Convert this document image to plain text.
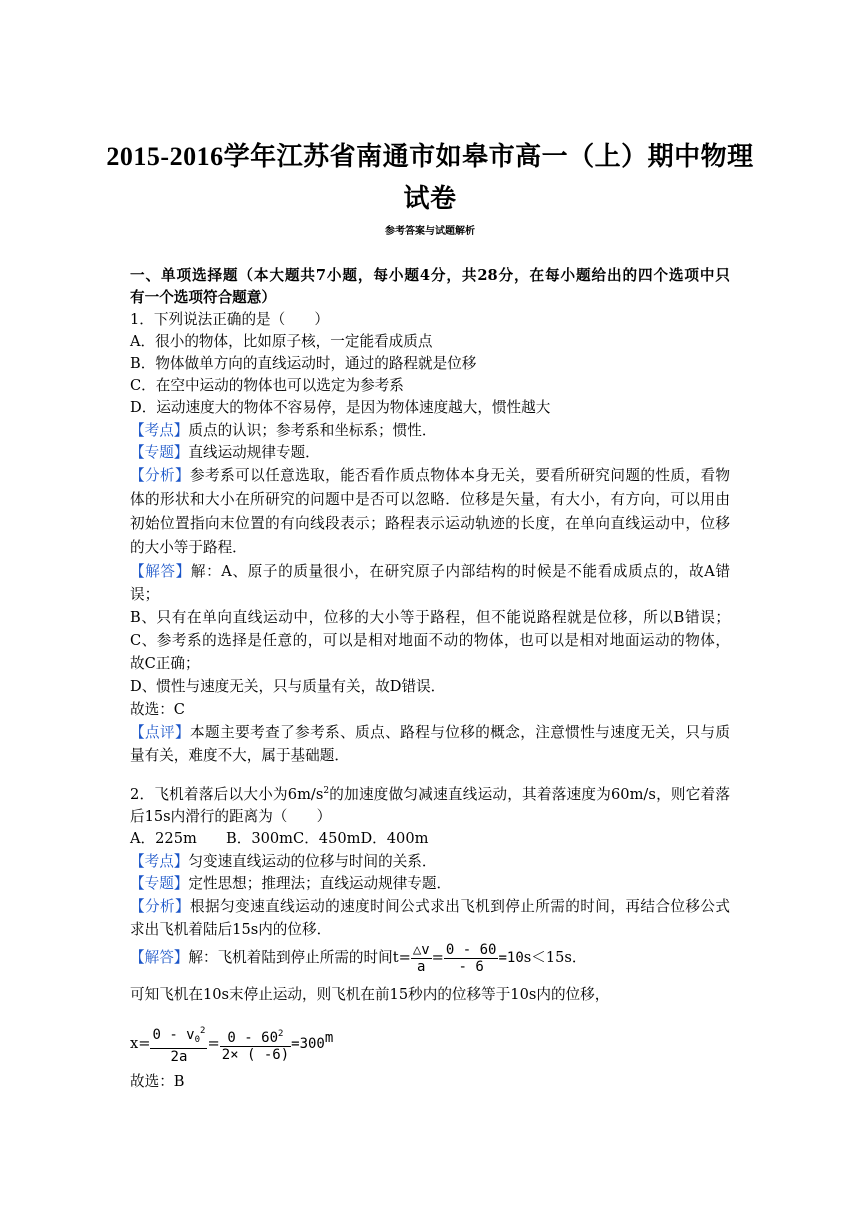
2015-2016学年江苏省南通市如皋市高一（上）期中物理
试卷
参考答案与试题解析
一、单项选择题（本大题共7小题，每小题4分，共28分，在每小题给出的四个选项中只
有一个选项符合题意）
1．下列说法正确的是（　　）
A．很小的物体，比如原子核，一定能看成质点
B．物体做单方向的直线运动时，通过的路程就是位移
C．在空中运动的物体也可以选定为参考系
D．运动速度大的物体不容易停，是因为物体速度越大，惯性越大
【考点】质点的认识；参考系和坐标系；惯性．
【专题】直线运动规律专题．
【分析】参考系可以任意选取，能否看作质点物体本身无关，要看所研究问题的性质，看物
体的形状和大小在所研究的问题中是否可以忽略．位移是矢量，有大小，有方向，可以用由
初始位置指向末位置的有向线段表示；路程表示运动轨迹的长度，在单向直线运动中，位移
的大小等于路程．
【解答】解：A、原子的质量很小，在研究原子内部结构的时候是不能看成质点的，故A错
误；
B、只有在单向直线运动中，位移的大小等于路程，但不能说路程就是位移，所以B错误；
C、参考系的选择是任意的，可以是相对地面不动的物体，也可以是相对地面运动的物体，
故C正确；
D、惯性与速度无关，只与质量有关，故D错误．
故选：C
【点评】本题主要考查了参考系、质点、路程与位移的概念，注意惯性与速度无关，只与质
量有关，难度不大，属于基础题．
2．飞机着落后以大小为$6m/s^2$的加速度做匀减速直线运动，其着落速度为60m/s，则它着落
后15s内滑行的距离为（　　）
A．225m　　B．300mC．450mD．400m
【考点】匀变速直线运动的位移与时间的关系．
【专题】定性思想；推理法；直线运动规律专题．
【分析】根据匀变速直线运动的速度时间公式求出飞机到停止所需的时间，再结合位移公式
求出飞机着陆后15s内的位移．
【解答】解：飞机着陆到停止所需的时间$t= \frac{\triangle v}{a} = \frac{0 - 60}{- 6} =10s<15s$．
可知飞机在10s末停止运动，则飞机在前15秒内的位移等于10s内的位移，
$x= \frac{0 - v_0^2}{2a} = \frac{0 - 60^2}{2\times ( -6)} =300m$
故选：B
